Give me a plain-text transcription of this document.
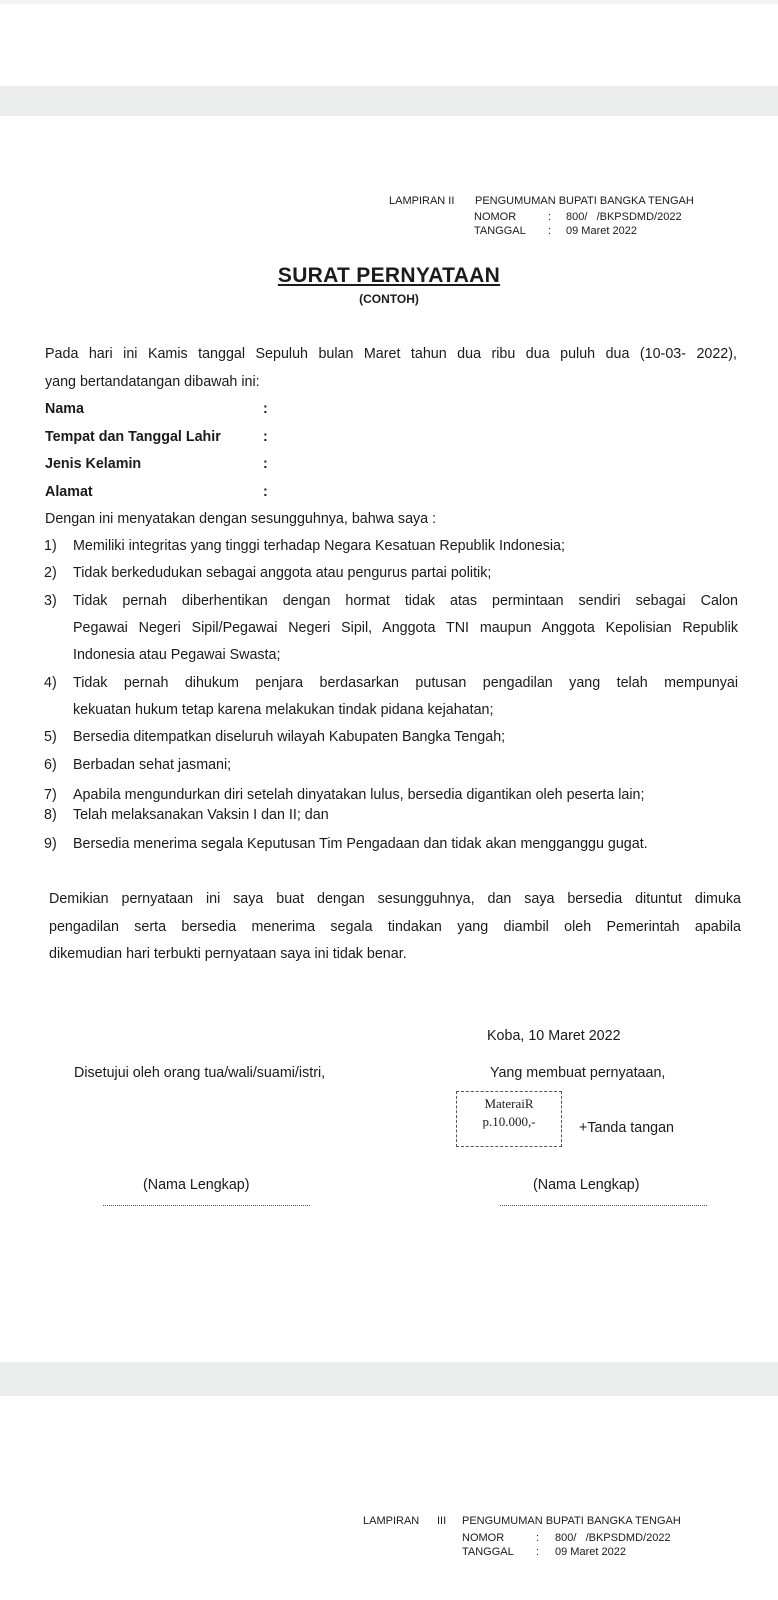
LAMPIRAN II PENGUMUMAN BUPATI BANGKA TENGAH
NOMOR	: 800/   /BKPSDMD/2022
TANGGAL : 09 Maret 2022
SURAT PERNYATAAN
(CONTOH)
Pada hari ini Kamis tanggal Sepuluh bulan Maret tahun dua ribu dua puluh dua (10-03- 2022),
yang bertandatangan dibawah ini:
Nama	:
Tempat dan Tanggal Lahir	:
Jenis Kelamin	:
Alamat	:
Dengan ini menyatakan dengan sesungguhnya, bahwa saya :
1) Memiliki integritas yang tinggi terhadap Negara Kesatuan Republik Indonesia;
2) Tidak berkedudukan sebagai anggota atau pengurus partai politik;
3) Tidak pernah diberhentikan dengan hormat tidak atas permintaan sendiri sebagai Calon
Pegawai Negeri Sipil/Pegawai Negeri Sipil, Anggota TNI maupun Anggota Kepolisian Republik
Indonesia atau Pegawai Swasta;
4) Tidak pernah dihukum penjara berdasarkan putusan pengadilan yang telah mempunyai
kekuatan hukum tetap karena melakukan tindak pidana kejahatan;
5) Bersedia ditempatkan diseluruh wilayah Kabupaten Bangka Tengah;
6) Berbadan sehat jasmani;
7) Apabila mengundurkan diri setelah dinyatakan lulus, bersedia digantikan oleh peserta lain;
8) Telah melaksanakan Vaksin I dan II; dan
9) Bersedia menerima segala Keputusan Tim Pengadaan dan tidak akan mengganggu gugat.
Demikian pernyataan ini saya buat dengan sesungguhnya, dan saya bersedia dituntut dimuka
pengadilan serta bersedia menerima segala tindakan yang diambil oleh Pemerintah apabila
dikemudian hari terbukti pernyataan saya ini tidak benar.
Koba, 10 Maret 2022
Disetujui oleh orang tua/wali/suami/istri,	Yang membuat pernyataan,
MateraiR
p.10.000,-	+Tanda tangan
(Nama Lengkap)	(Nama Lengkap)
LAMPIRAN III PENGUMUMAN BUPATI BANGKA TENGAH
NOMOR	: 800/   /BKPSDMD/2022
TANGGAL : 09 Maret 2022
